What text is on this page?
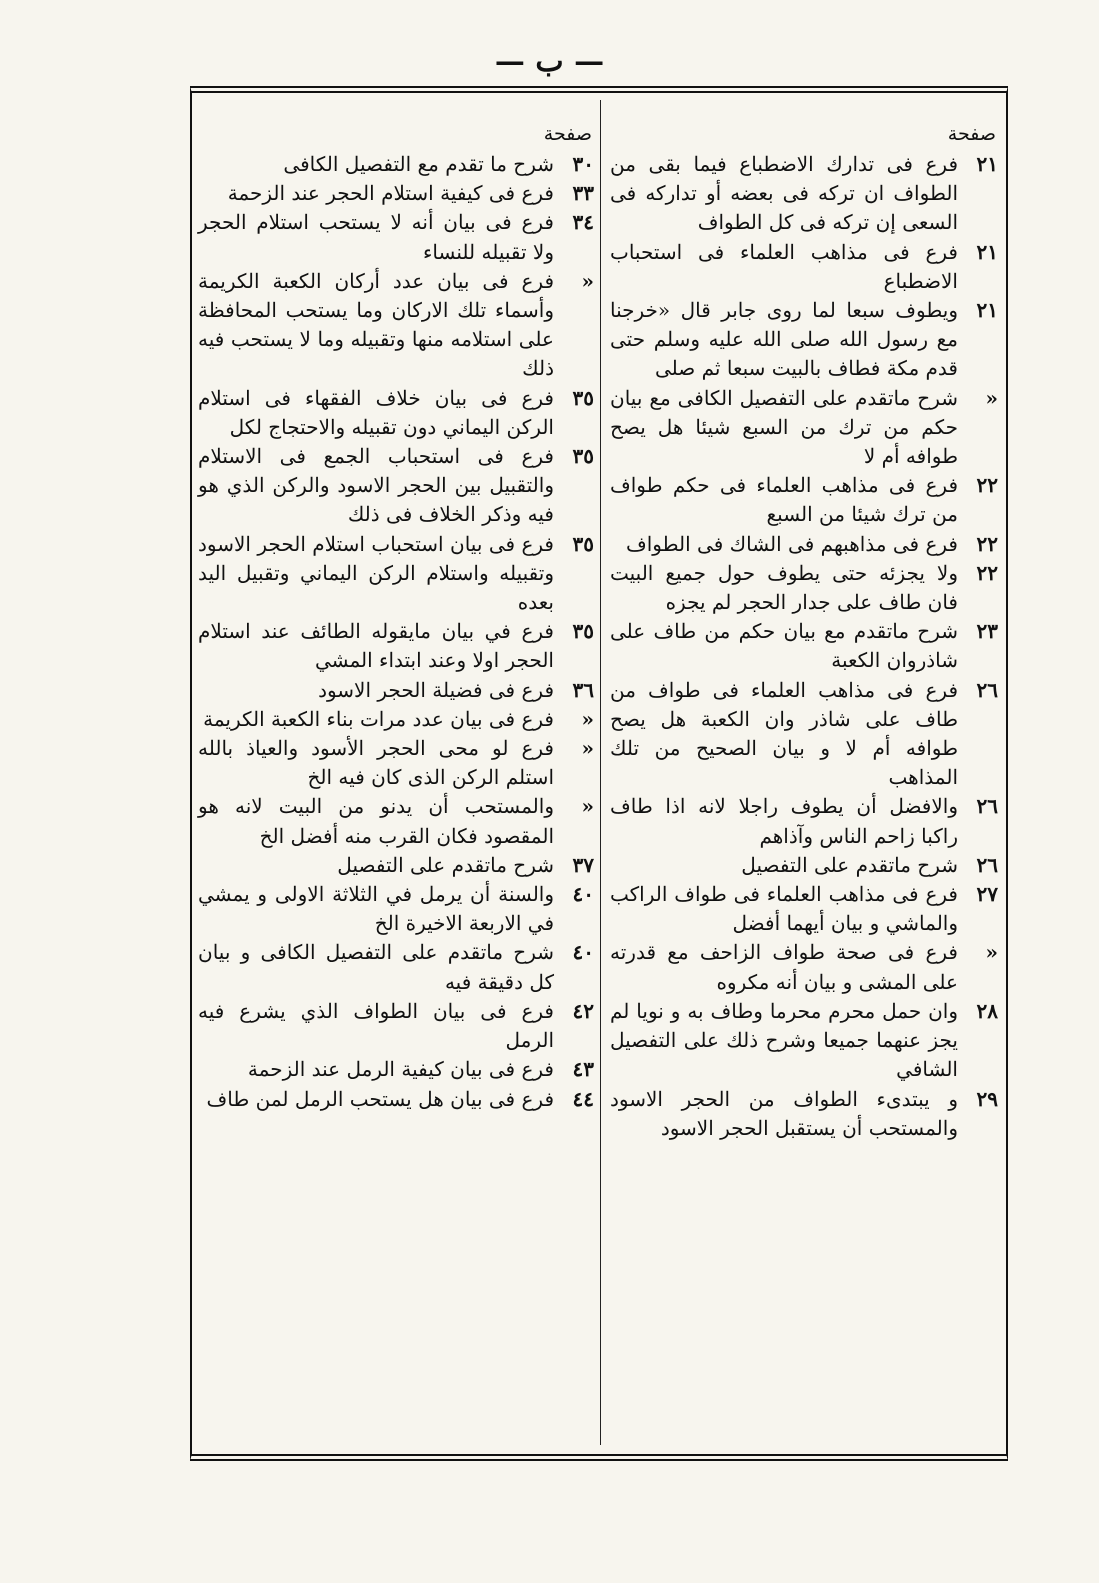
— ب —
صفحة
٢١
فرع فى تدارك الاضطباع فيما بقى من الطواف ان تركه فى بعضه أو تداركه فى السعى إن تركه فى كل الطواف
٢١
فرع فى مذاهب العلماء فى استحباب الاضطباع
٢١
ويطوف سبعا لما روى جابر قال «خرجنا مع رسول الله صلى الله عليه وسلم حتى قدم مكة فطاف بالبيت سبعا ثم صلى
«
شرح ماتقدم على التفصيل الكافى مع بيان حكم من ترك من السبع شيئا هل يصح طوافه أم لا
٢٢
فرع فى مذاهب العلماء فى حكم طواف من ترك شيئا من السبع
٢٢
فرع فى مذاهبهم فى الشاك فى الطواف
٢٢
ولا يجزئه حتى يطوف حول جميع البيت فان طاف على جدار الحجر لم يجزه
٢٣
شرح ماتقدم مع بيان حكم من طاف على شاذروان الكعبة
٢٦
فرع فى مذاهب العلماء فى طواف من طاف على شاذر وان الكعبة هل يصح طوافه أم لا و بيان الصحيح من تلك المذاهب
٢٦
والافضل أن يطوف راجلا لانه اذا طاف راكبا زاحم الناس وآذاهم
٢٦
شرح ماتقدم على التفصيل
٢٧
فرع فى مذاهب العلماء فى طواف الراكب والماشي و بيان أيهما أفضل
«
فرع فى صحة طواف الزاحف مع قدرته على المشى و بيان أنه مكروه
٢٨
وان حمل محرم محرما وطاف به و نويا لم يجز عنهما جميعا وشرح ذلك على التفصيل الشافي
٢٩
و يبتدىء الطواف من الحجر الاسود والمستحب أن يستقبل الحجر الاسود
صفحة
٣٠
شرح ما تقدم مع التفصيل الكافى
٣٣
فرع فى كيفية استلام الحجر عند الزحمة
٣٤
فرع فى بيان أنه لا يستحب استلام الحجر ولا تقبيله للنساء
«
فرع فى بيان عدد أركان الكعبة الكريمة وأسماء تلك الاركان وما يستحب المحافظة على استلامه منها وتقبيله وما لا يستحب فيه ذلك
٣٥
فرع فى بيان خلاف الفقهاء فى استلام الركن اليماني دون تقبيله والاحتجاج لكل
٣٥
فرع فى استحباب الجمع فى الاستلام والتقبيل بين الحجر الاسود والركن الذي هو فيه وذكر الخلاف فى ذلك
٣٥
فرع فى بيان استحباب استلام الحجر الاسود وتقبيله واستلام الركن اليماني وتقبيل اليد بعده
٣٥
فرع في بيان مايقوله الطائف عند استلام الحجر اولا وعند ابتداء المشي
٣٦
فرع فى فضيلة الحجر الاسود
«
فرع فى بيان عدد مرات بناء الكعبة الكريمة
«
فرع لو محى الحجر الأسود والعياذ بالله استلم الركن الذى كان فيه الخ
«
والمستحب أن يدنو من البيت لانه هو المقصود فكان القرب منه أفضل الخ
٣٧
شرح ماتقدم على التفصيل
٤٠
والسنة أن يرمل في الثلاثة الاولى و يمشي في الاربعة الاخيرة الخ
٤٠
شرح ماتقدم على التفصيل الكافى و بيان كل دقيقة فيه
٤٢
فرع فى بيان الطواف الذي يشرع فيه الرمل
٤٣
فرع فى بيان كيفية الرمل عند الزحمة
٤٤
فرع فى بيان هل يستحب الرمل لمن طاف
